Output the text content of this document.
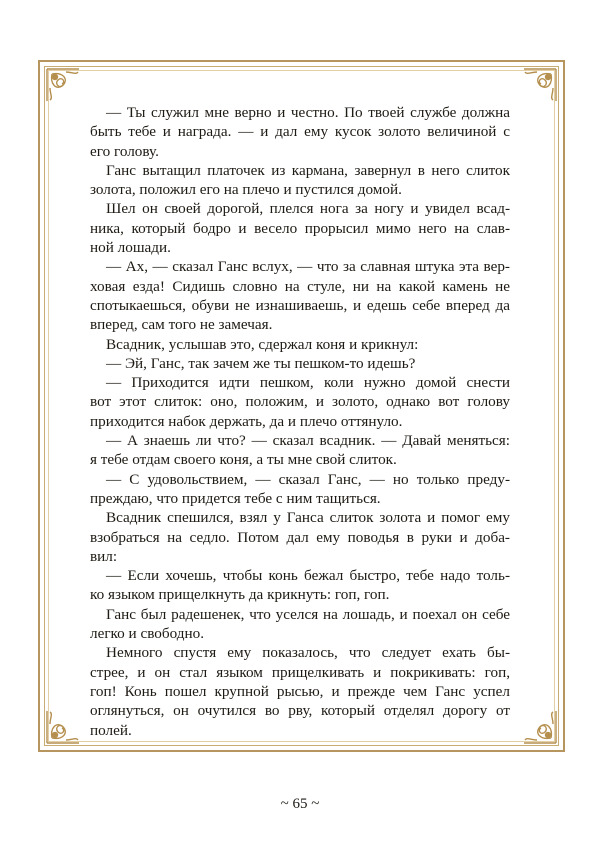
— Ты служил мне верно и честно. По твоей службе должна
быть тебе и награда. — и дал ему кусок золото величиной с
его голову.
Ганс вытащил платочек из кармана, завернул в него слиток
золота, положил его на плечо и пустился домой.
Шел он своей дорогой, плелся нога за ногу и увидел всад-
ника, который бодро и весело прорысил мимо него на слав-
ной лошади.
— Ах, — сказал Ганс вслух, — что за славная штука эта вер-
ховая езда! Сидишь словно на стуле, ни на какой камень не
спотыкаешься, обуви не изнашиваешь, и едешь себе вперед да
вперед, сам того не замечая.
Всадник, услышав это, сдержал коня и крикнул:
— Эй, Ганс, так зачем же ты пешком-то идешь?
— Приходится идти пешком, коли нужно домой снести
вот этот слиток: оно, положим, и золото, однако вот голову
приходится набок держать, да и плечо оттянуло.
— А знаешь ли что? — сказал всадник. — Давай меняться:
я тебе отдам своего коня, а ты мне свой слиток.
— С удовольствием, — сказал Ганс, — но только преду-
преждаю, что придется тебе с ним тащиться.
Всадник спешился, взял у Ганса слиток золота и помог ему
взобраться на седло. Потом дал ему поводья в руки и доба-
вил:
— Если хочешь, чтобы конь бежал быстро, тебе надо толь-
ко языком прищелкнуть да крикнуть: гоп, гоп.
Ганс был радешенек, что уселся на лошадь, и поехал он себе
легко и свободно.
Немного спустя ему показалось, что следует ехать бы-
стрее, и он стал языком прищелкивать и покрикивать: гоп,
гоп! Конь пошел крупной рысью, и прежде чем Ганс успел
оглянуться, он очутился во рву, который отделял дорогу от
полей.
~ 65 ~
